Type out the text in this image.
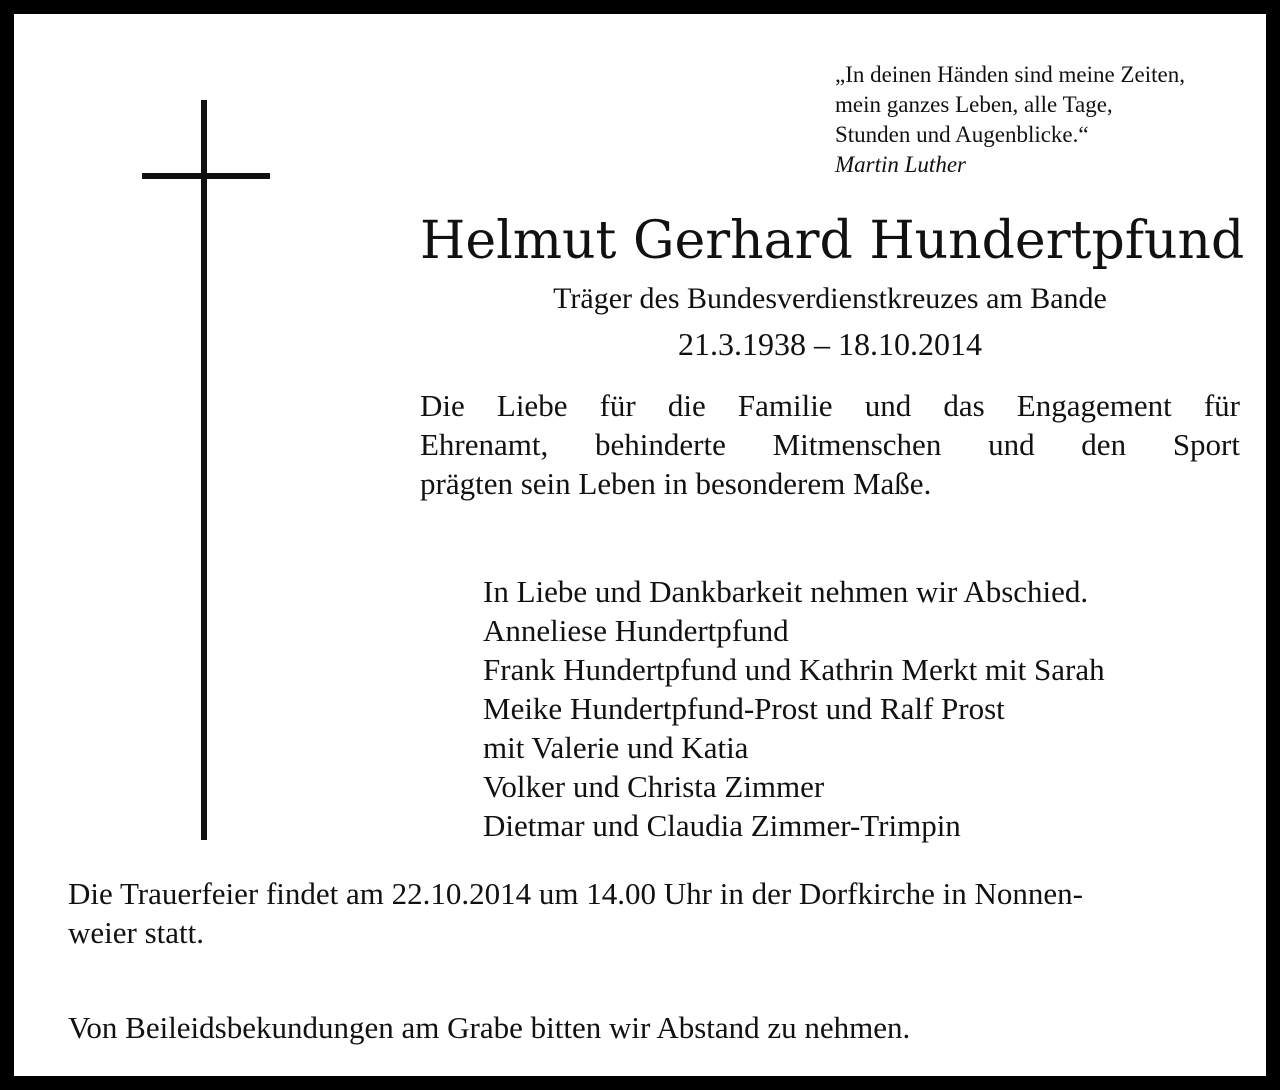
„In deinen Händen sind meine Zeiten,
mein ganzes Leben, alle Tage,
Stunden und Augenblicke.“
Martin Luther
Helmut Gerhard Hundertpfund
Träger des Bundesverdienstkreuzes am Bande
21.3.1938 – 18.10.2014
Die Liebe für die Familie und das Engagement für
Ehrenamt, behinderte Mitmenschen und den Sport
prägten sein Leben in besonderem Maße.
In Liebe und Dankbarkeit nehmen wir Abschied.
Anneliese Hundertpfund
Frank Hundertpfund und Kathrin Merkt mit Sarah
Meike Hundertpfund-Prost und Ralf Prost
mit Valerie und Katia
Volker und Christa Zimmer
Dietmar und Claudia Zimmer-Trimpin
Die Trauerfeier findet am 22.10.2014 um 14.00 Uhr in der Dorfkirche in Nonnen-
weier statt.
Von Beileidsbekundungen am Grabe bitten wir Abstand zu nehmen.
